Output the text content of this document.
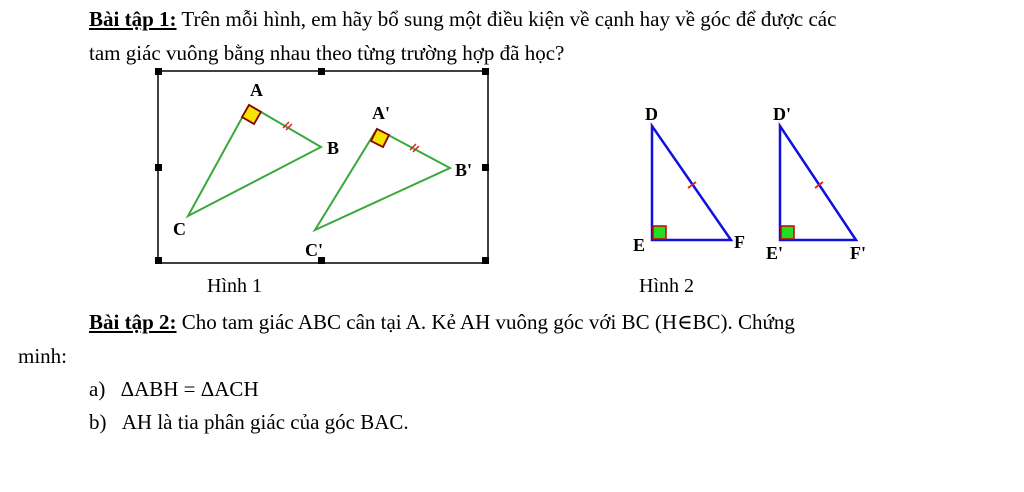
Bài tập 1: Trên mỗi hình, em hãy bổ sung một điều kiện về cạnh hay về góc để được các
tam giác vuông bằng nhau theo từng trường hợp đã học?
A
B
C
A'
B'
C'
Hình 1
D
E	F
D'
E'	F'
Hình 2
Bài tập 2: Cho tam giác ABC cân tại A. Kẻ AH vuông góc với BC (H∈BC). Chứng
minh:
a) ΔABH = ΔACH
b) AH là tia phân giác của góc BAC.
